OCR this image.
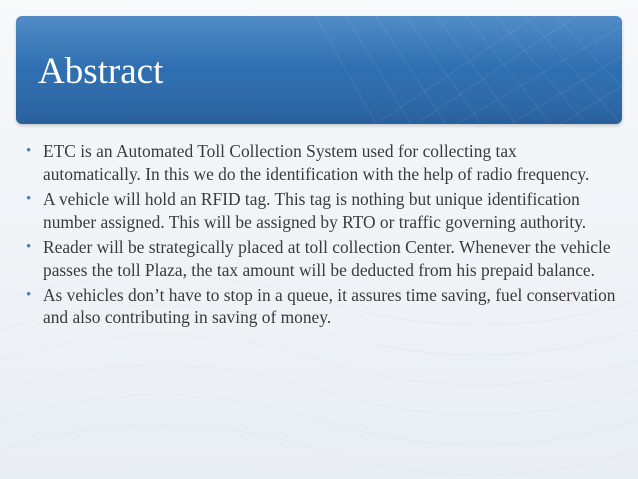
Abstract
• ETC is an Automated Toll Collection System used for collecting tax automatically. In this we do the identification with the help of radio frequency.
• A vehicle will hold an RFID tag. This tag is nothing but unique identification number assigned. This will be assigned by RTO or traffic governing authority.
• Reader will be strategically placed at toll collection Center. Whenever the vehicle passes the toll Plaza, the tax amount will be deducted from his prepaid balance.
• As vehicles don’t have to stop in a queue, it assures time saving, fuel conservation and also contributing in saving of money.
